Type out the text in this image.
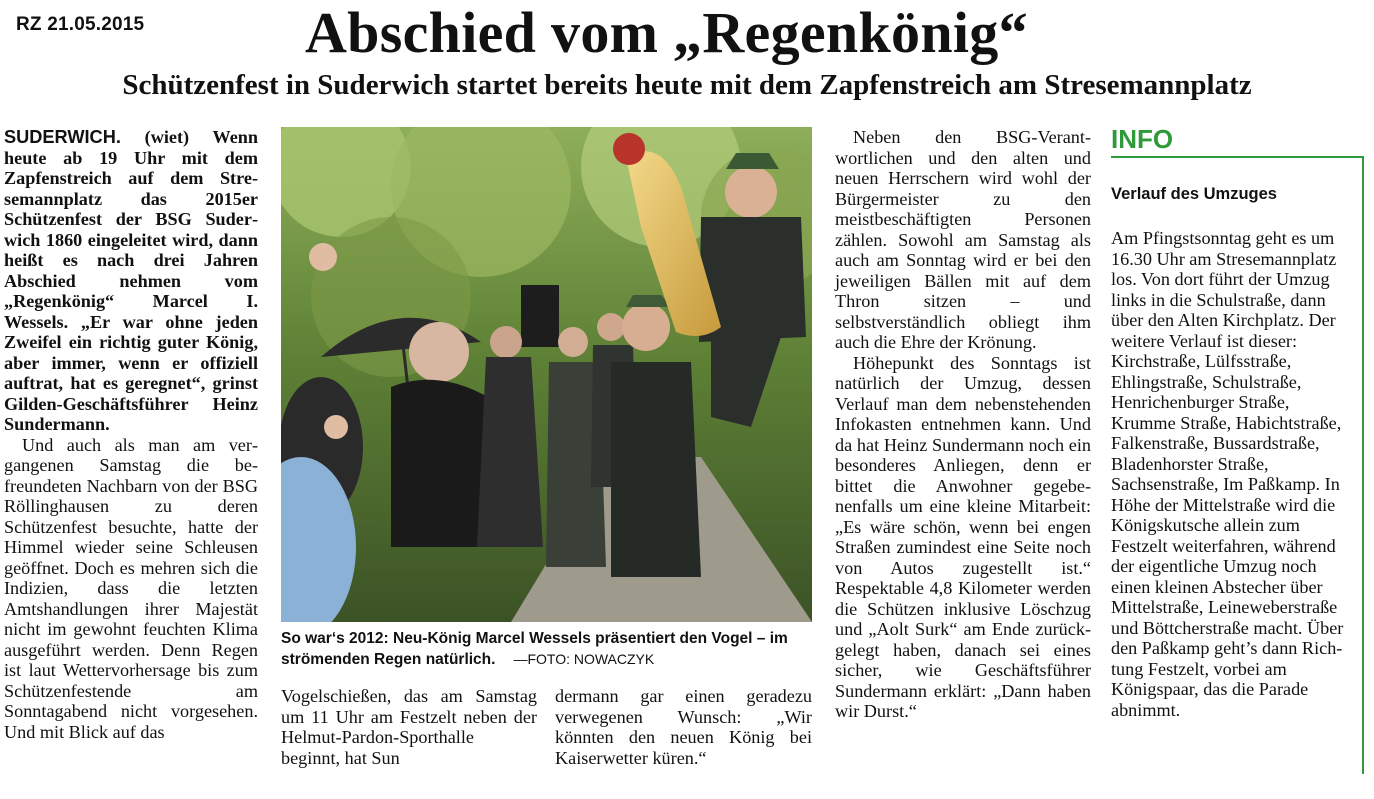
RZ 21.05.2015	Abschied vom „Regenkönig“
Schützenfest in Suderwich startet bereits heute mit dem Zapfenstreich am Stresemannplatz

SUDERWICH. (wiet) Wenn heute ab 19 Uhr mit dem Zapfenstreich auf dem Stresemannplatz das 2015er Schützenfest der BSG Suderwich 1860 eingeleitet wird, dann heißt es nach drei Jahren Abschied nehmen vom „Regenkönig“ Marcel I. Wessels. „Er war ohne jeden Zweifel ein richtig guter König, aber immer, wenn er offiziell auftrat, hat es geregnet“, grinst Gilden-Geschäftsführer Heinz Sundermann.

Und auch als man am vergangenen Samstag die befreundeten Nachbarn von der BSG Röllinghausen zu deren Schützenfest besuchte, hatte der Himmel wieder seine Schleusen geöffnet. Doch es mehren sich die Indizien, dass die letzten Amtshandlungen ihrer Majestät nicht im gewohnt feuchten Klima ausgeführt werden. Denn Regen ist laut Wettervorhersage bis zum Schützenfestende am Sonntagabend nicht vorgesehen. Und mit Blick auf das

So war‘s 2012: Neu-König Marcel Wessels präsentiert den Vogel – im strömenden Regen natürlich. —FOTO: NOWACZYK

Vogelschießen, das am Samstag um 11 Uhr am Festzelt neben der Helmut-Pardon-Sporthalle beginnt, hat Sun

dermann gar einen geradezu verwegenen Wunsch: „Wir könnten den neuen König bei Kaiserwetter küren.“

Neben den BSG-Verantwortlichen und den alten und neuen Herrschern wird wohl der Bürgermeister zu den meistbeschäftigten Personen zählen. Sowohl am Samstag als auch am Sonntag wird er bei den jeweiligen Bällen mit auf dem Thron sitzen – und selbstverständlich obliegt ihm auch die Ehre der Krönung.

Höhepunkt des Sonntags ist natürlich der Umzug, dessen Verlauf man dem nebenstehenden Infokasten entnehmen kann. Und da hat Heinz Sundermann noch ein besonderes Anliegen, denn er bittet die Anwohner gegebenenfalls um eine kleine Mitarbeit: „Es wäre schön, wenn bei engen Straßen zumindest eine Seite noch von Autos zugestellt ist.“ Respektable 4,8 Kilometer werden die Schützen inklusive Löschzug und „Aolt Surk“ am Ende zurückgelegt haben, danach sei eines sicher, wie Geschäftsführer Sundermann erklärt: „Dann haben wir Durst.“

INFO
Verlauf des Umzuges
Am Pfingstsonntag geht es um 16.30 Uhr am Stresemannplatz los. Von dort führt der Umzug links in die Schulstraße, dann über den Alten Kirchplatz. Der weitere Verlauf ist dieser: Kirchstraße, Lülfsstraße, Ehlingstraße, Schulstraße, Henrichenburger Straße, Krumme Straße, Habichtstraße, Falkenstraße, Bussardstraße, Bladenhorster Straße, Sachsenstraße, Im Paßkamp. In Höhe der Mittelstraße wird die Königskutsche allein zum Festzelt weiterfahren, während der eigentliche Umzug noch einen kleinen Abstecher über Mittelstraße, Leineweberstraße und Böttcherstraße macht. Über den Paßkamp geht’s dann Richtung Festzelt, vorbei am Königspaar, das die Parade abnimmt.
